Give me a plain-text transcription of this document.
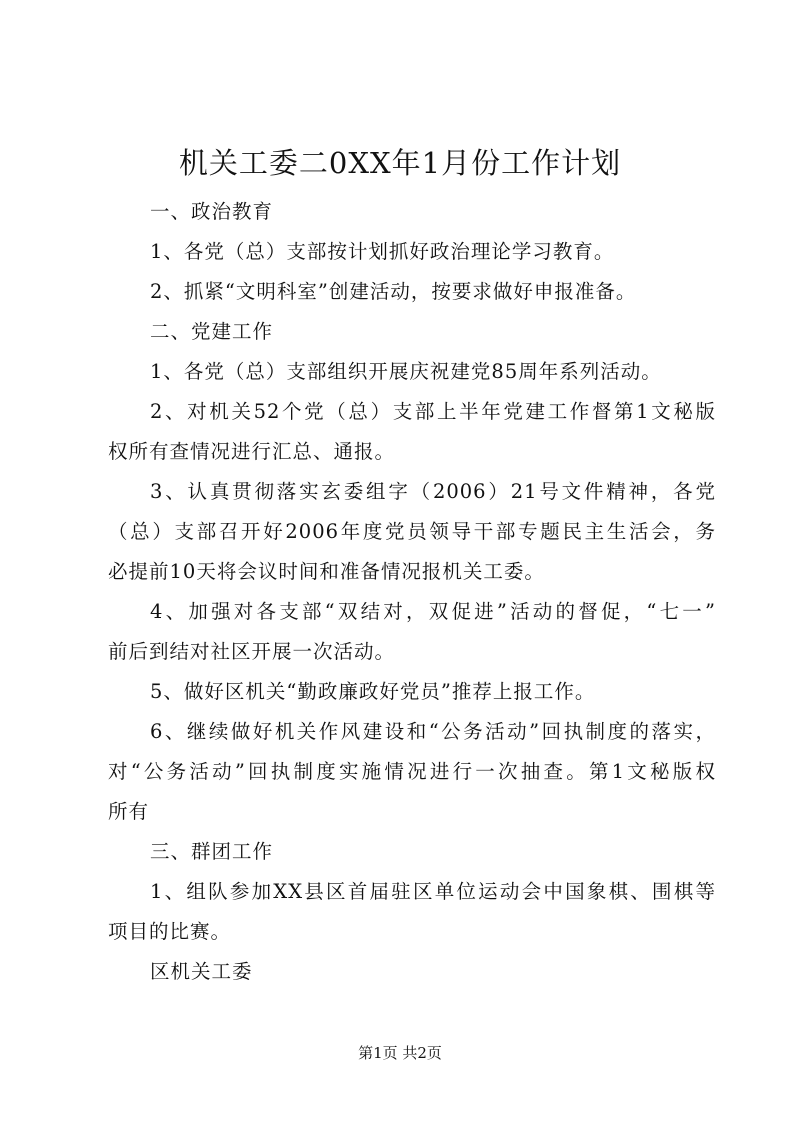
机关工委二0XX年1月份工作计划

一、政治教育

1、各党（总）支部按计划抓好政治理论学习教育。

2、抓紧“文明科室”创建活动，按要求做好申报准备。

二、党建工作

1、各党（总）支部组织开展庆祝建党85周年系列活动。

2、对机关52个党（总）支部上半年党建工作督第1文秘版

权所有查情况进行汇总、通报。

3、认真贯彻落实玄委组字（2006）21号文件精神，各党

（总）支部召开好2006年度党员领导干部专题民主生活会，务

必提前10天将会议时间和准备情况报机关工委。

4、加强对各支部“双结对，双促进”活动的督促，“七一”

前后到结对社区开展一次活动。

5、做好区机关“勤政廉政好党员”推荐上报工作。

6、继续做好机关作风建设和“公务活动”回执制度的落实，

对“公务活动”回执制度实施情况进行一次抽查。第1文秘版权

所有

三、群团工作

1、组队参加XX县区首届驻区单位运动会中国象棋、围棋等

项目的比赛。

区机关工委

第1页 共2页
